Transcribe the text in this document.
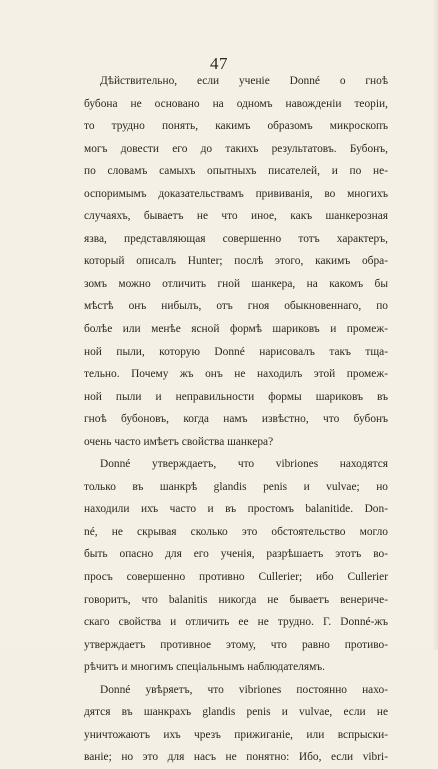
47
Дѣйствительно, если ученіе Donné о гноѣ
бубона не основано на одномъ навожденіи теоріи,
то трудно понять, какимъ образомъ микроскопъ
могъ довести его до такихъ результатовъ. Бубонъ,
по словамъ самыхъ опытныхъ писателей, и по не-
оспоримымъ доказательствамъ прививанія, во многихъ
случаяхъ, бываетъ не что иное, какъ шанкерозная
язва, представляющая совершенно тотъ характеръ,
который описалъ Hunter; послѣ этого, какимъ обра-
зомъ можно отличить гной шанкера, на какомъ бы
мѣстѣ онъ нибылъ, отъ гноя обыкновеннаго, по
болѣе или менѣе ясной формѣ шариковъ и промеж-
ной пыли, которую Donné нарисовалъ такъ тща-
тельно. Почему жъ онъ не находилъ этой промеж-
ной пыли и неправильности формы шариковъ въ
гноѣ бубоновъ, когда намъ извѣстно, что бубонъ
очень часто имѣетъ свойства шанкера?
Donné утверждаетъ, что vibriones находятся
только въ шанкрѣ glandis penis и vulvae; но
находили ихъ часто и въ простомъ balanitide. Don-
né, не скрывая сколько это обстоятельство могло
быть опасно для его ученія, разрѣшаетъ этотъ во-
просъ совершенно противно Cullerier; ибо Cullerier
говоритъ, что balanitis никогда не бываетъ венериче-
скаго свойства и отличить ее не трудно. Г. Donné-жъ
утверждаетъ противное этому, что равно противо-
рѣчитъ и многимъ спеціальнымъ наблюдателямъ.
Donné увѣряетъ, что vibriones постоянно нахо-
дятся въ шанкрахъ glandis penis и vulvae, если не
уничтожаютъ ихъ чрезъ прижиганіе, или вспрыски-
ваніе; но это для насъ не понятно: Ибо, если vibri-
